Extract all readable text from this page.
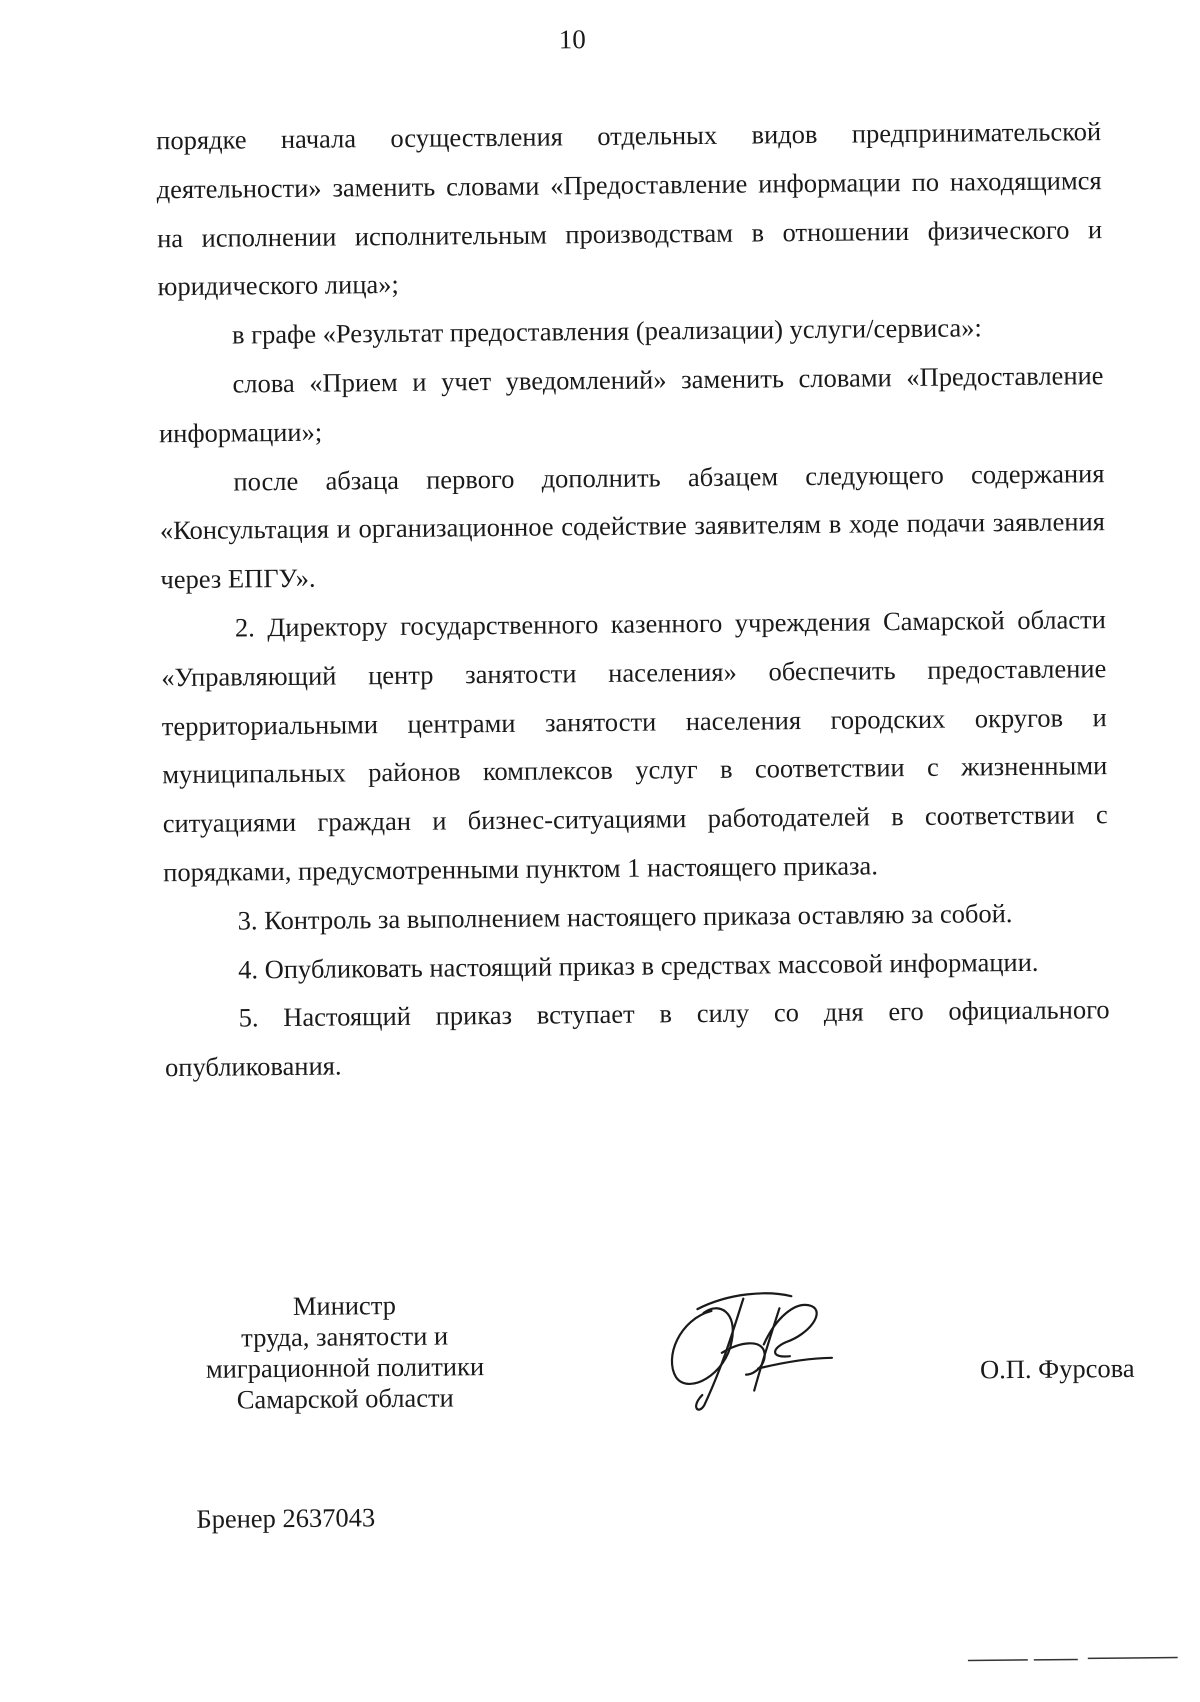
10

порядке начала осуществления отдельных видов предпринимательской деятельности» заменить словами «Предоставление информации по находящимся на исполнении исполнительным производствам в отношении физического и юридического лица»;

в графе «Результат предоставления (реализации) услуги/сервиса»:

слова «Прием и учет уведомлений» заменить словами «Предоставление информации»;

после абзаца первого дополнить абзацем следующего содержания «Консультация и организационное содействие заявителям в ходе подачи заявления через ЕПГУ».

2. Директору государственного казенного учреждения Самарской области «Управляющий центр занятости населения» обеспечить предоставление территориальными центрами занятости населения городских округов и муниципальных районов комплексов услуг в соответствии с жизненными ситуациями граждан и бизнес-ситуациями работодателей в соответствии с порядками, предусмотренными пунктом 1 настоящего приказа.

3. Контроль за выполнением настоящего приказа оставляю за собой.

4. Опубликовать настоящий приказ в средствах массовой информации.

5. Настоящий приказ вступает в силу со дня его официального опубликования.

Министр
труда, занятости и
миграционной политики
Самарской области
О.П. Фурсова
Бренер 2637043
